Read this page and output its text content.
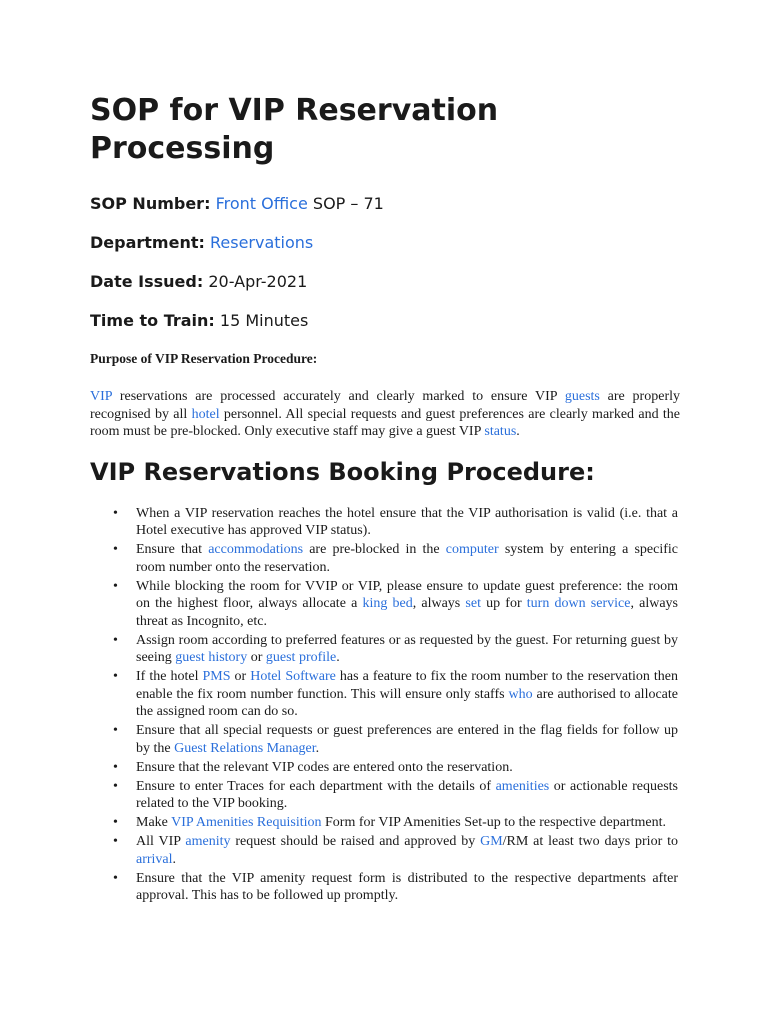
SOP for VIP Reservation Processing

SOP Number: Front Office SOP – 71

Department: Reservations

Date Issued: 20-Apr-2021

Time to Train: 15 Minutes

Purpose of VIP Reservation Procedure:

VIP reservations are processed accurately and clearly marked to ensure VIP guests are properly recognised by all hotel personnel. All special requests and guest preferences are clearly marked and the room must be pre-blocked. Only executive staff may give a guest VIP status.

VIP Reservations Booking Procedure:
• When a VIP reservation reaches the hotel ensure that the VIP authorisation is valid (i.e. that a Hotel executive has approved VIP status).
• Ensure that accommodations are pre-blocked in the computer system by entering a specific room number onto the reservation.
• While blocking the room for VVIP or VIP, please ensure to update guest preference: the room on the highest floor, always allocate a king bed, always set up for turn down service, always threat as Incognito, etc.
• Assign room according to preferred features or as requested by the guest. For returning guest by seeing guest history or guest profile.
• If the hotel PMS or Hotel Software has a feature to fix the room number to the reservation then enable the fix room number function. This will ensure only staffs who are authorised to allocate the assigned room can do so.
• Ensure that all special requests or guest preferences are entered in the flag fields for follow up by the Guest Relations Manager.
• Ensure that the relevant VIP codes are entered onto the reservation.
• Ensure to enter Traces for each department with the details of amenities or actionable requests related to the VIP booking.
• Make VIP Amenities Requisition Form for VIP Amenities Set-up to the respective department.
• All VIP amenity request should be raised and approved by GM/RM at least two days prior to arrival.
• Ensure that the VIP amenity request form is distributed to the respective departments after approval. This has to be followed up promptly.
